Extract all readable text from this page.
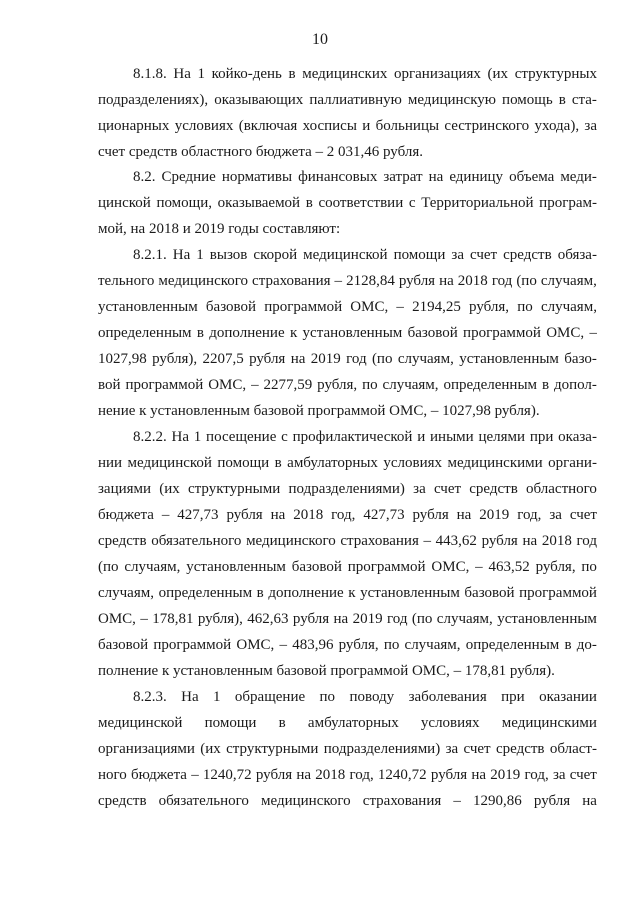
10
8.1.8. На 1 койко-день в медицинских организациях (их структурных
подразделениях), оказывающих паллиативную медицинскую помощь в ста-
ционарных условиях (включая хосписы и больницы сестринского ухода), за
счет средств областного бюджета – 2 031,46 рубля.
8.2. Средние нормативы финансовых затрат на единицу объема меди-
цинской помощи, оказываемой в соответствии с Территориальной програм-
мой, на 2018 и 2019 годы составляют:
8.2.1. На 1 вызов скорой медицинской помощи за счет средств обяза-
тельного медицинского страхования – 2128,84 рубля на 2018 год (по случаям,
установленным базовой программой ОМС, – 2194,25 рубля, по случаям,
определенным в дополнение к установленным базовой программой ОМС, –
1027,98 рубля), 2207,5 рубля на 2019 год (по случаям, установленным базо-
вой программой ОМС, – 2277,59 рубля, по случаям, определенным в допол-
нение к установленным базовой программой ОМС, – 1027,98 рубля).
8.2.2. На 1 посещение с профилактической и иными целями при оказа-
нии медицинской помощи в амбулаторных условиях медицинскими органи-
зациями (их структурными подразделениями) за счет средств областного
бюджета – 427,73 рубля на 2018 год, 427,73 рубля на 2019 год, за счет
средств обязательного медицинского страхования – 443,62 рубля на 2018 год
(по случаям, установленным базовой программой ОМС, – 463,52 рубля, по
случаям, определенным в дополнение к установленным базовой программой
ОМС, – 178,81 рубля), 462,63 рубля на 2019 год (по случаям, установленным
базовой программой ОМС, – 483,96 рубля, по случаям, определенным в до-
полнение к установленным базовой программой ОМС, – 178,81 рубля).
8.2.3. На 1 обращение по поводу заболевания при оказании
медицинской помощи в амбулаторных условиях медицинскими
организациями (их структурными подразделениями) за счет средств област-
ного бюджета – 1240,72 рубля на 2018 год, 1240,72 рубля на 2019 год, за счет
средств обязательного медицинского страхования – 1290,86 рубля на
